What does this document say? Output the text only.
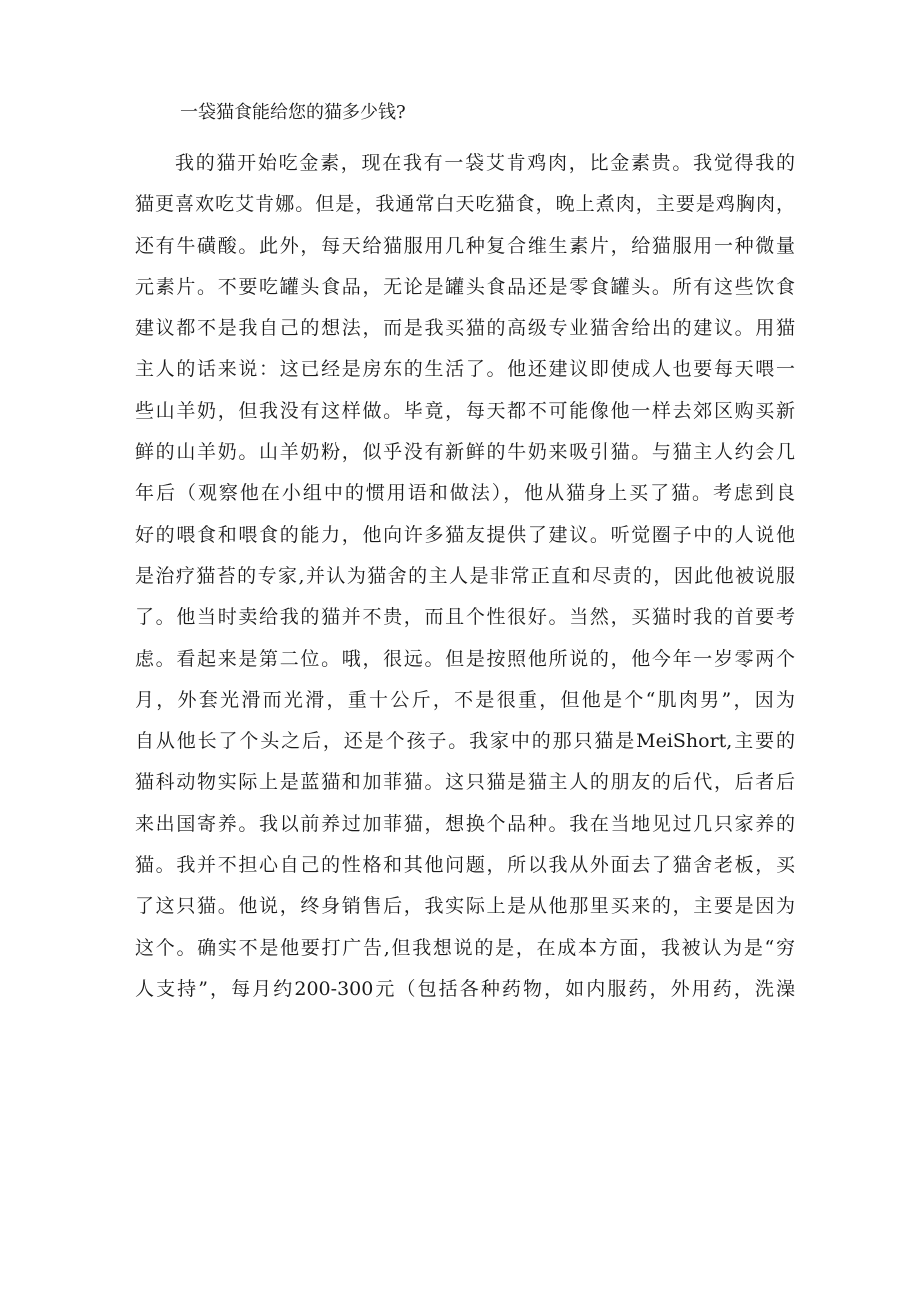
一袋猫食能给您的猫多少钱?
我的猫开始吃金素，现在我有一袋艾肯鸡肉，比金素贵。我觉得我的
猫更喜欢吃艾肯娜。但是，我通常白天吃猫食，晚上煮肉，主要是鸡胸肉，
还有牛磺酸。此外，每天给猫服用几种复合维生素片，给猫服用一种微量
元素片。不要吃罐头食品，无论是罐头食品还是零食罐头。所有这些饮食
建议都不是我自己的想法，而是我买猫的高级专业猫舍给出的建议。用猫
主人的话来说：这已经是房东的生活了。他还建议即使成人也要每天喂一
些山羊奶，但我没有这样做。毕竟，每天都不可能像他一样去郊区购买新
鲜的山羊奶。山羊奶粉，似乎没有新鲜的牛奶来吸引猫。与猫主人约会几
年后（观察他在小组中的惯用语和做法），他从猫身上买了猫。考虑到良
好的喂食和喂食的能力，他向许多猫友提供了建议。听觉圈子中的人说他
是治疗猫苔的专家,并认为猫舍的主人是非常正直和尽责的，因此他被说服
了。他当时卖给我的猫并不贵，而且个性很好。当然，买猫时我的首要考
虑。看起来是第二位。哦，很远。但是按照他所说的，他今年一岁零两个
月，外套光滑而光滑，重十公斤，不是很重，但他是个“肌肉男”，因为
自从他长了个头之后，还是个孩子。我家中的那只猫是MeiShort,主要的
猫科动物实际上是蓝猫和加菲猫。这只猫是猫主人的朋友的后代，后者后
来出国寄养。我以前养过加菲猫，想换个品种。我在当地见过几只家养的
猫。我并不担心自己的性格和其他问题，所以我从外面去了猫舍老板，买
了这只猫。他说，终身销售后，我实际上是从他那里买来的，主要是因为
这个。确实不是他要打广告,但我想说的是，在成本方面，我被认为是“穷
人支持”，每月约200-300元（包括各种药物，如内服药，外用药，洗澡
